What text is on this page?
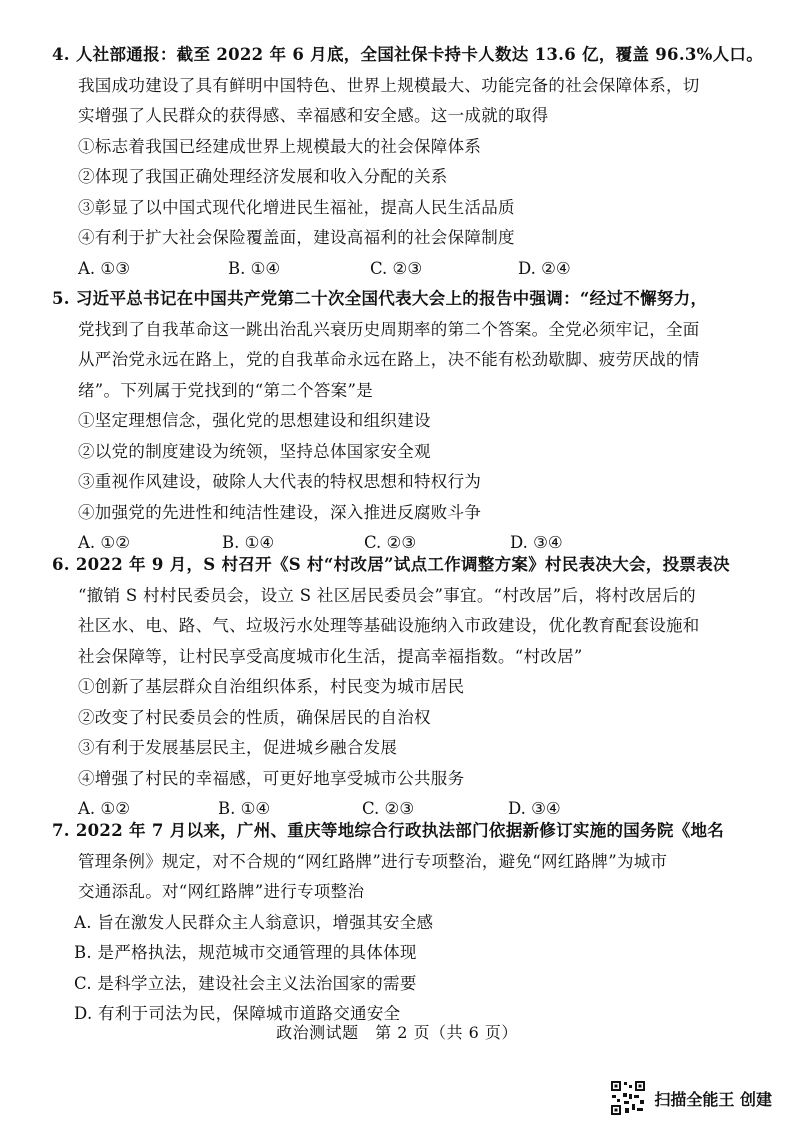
4. 人社部通报：截至 2022 年 6 月底，全国社保卡持卡人数达 13.6 亿，覆盖 96.3%人口。
我国成功建设了具有鲜明中国特色、世界上规模最大、功能完备的社会保障体系，切
实增强了人民群众的获得感、幸福感和安全感。这一成就的取得
①标志着我国已经建成世界上规模最大的社会保障体系
②体现了我国正确处理经济发展和收入分配的关系
③彰显了以中国式现代化增进民生福祉，提高人民生活品质
④有利于扩大社会保险覆盖面，建设高福利的社会保障制度
A. ①③	B. ①④	C. ②③	D. ②④
5. 习近平总书记在中国共产党第二十次全国代表大会上的报告中强调：“经过不懈努力，
党找到了自我革命这一跳出治乱兴衰历史周期率的第二个答案。全党必须牢记，全面
从严治党永远在路上，党的自我革命永远在路上，决不能有松劲歇脚、疲劳厌战的情
绪”。下列属于党找到的“第二个答案”是
①坚定理想信念，强化党的思想建设和组织建设
②以党的制度建设为统领，坚持总体国家安全观
③重视作风建设，破除人大代表的特权思想和特权行为
④加强党的先进性和纯洁性建设，深入推进反腐败斗争
A. ①②	B. ①④	C. ②③	D. ③④
6. 2022 年 9 月，S 村召开《S 村“村改居”试点工作调整方案》村民表决大会，投票表决
“撤销 S 村村民委员会，设立 S 社区居民委员会”事宜。“村改居”后，将村改居后的
社区水、电、路、气、垃圾污水处理等基础设施纳入市政建设，优化教育配套设施和
社会保障等，让村民享受高度城市化生活，提高幸福指数。“村改居”
①创新了基层群众自治组织体系，村民变为城市居民
②改变了村民委员会的性质，确保居民的自治权
③有利于发展基层民主，促进城乡融合发展
④增强了村民的幸福感，可更好地享受城市公共服务
A. ①②	B. ①④	C. ②③	D. ③④
7. 2022 年 7 月以来，广州、重庆等地综合行政执法部门依据新修订实施的国务院《地名
管理条例》规定，对不合规的“网红路牌”进行专项整治，避免“网红路牌”为城市
交通添乱。对“网红路牌”进行专项整治
A. 旨在激发人民群众主人翁意识，增强其安全感
B. 是严格执法，规范城市交通管理的具体体现
C. 是科学立法，建设社会主义法治国家的需要
D. 有利于司法为民，保障城市道路交通安全
政治测试题　第 2 页（共 6 页）
扫描全能王 创建
